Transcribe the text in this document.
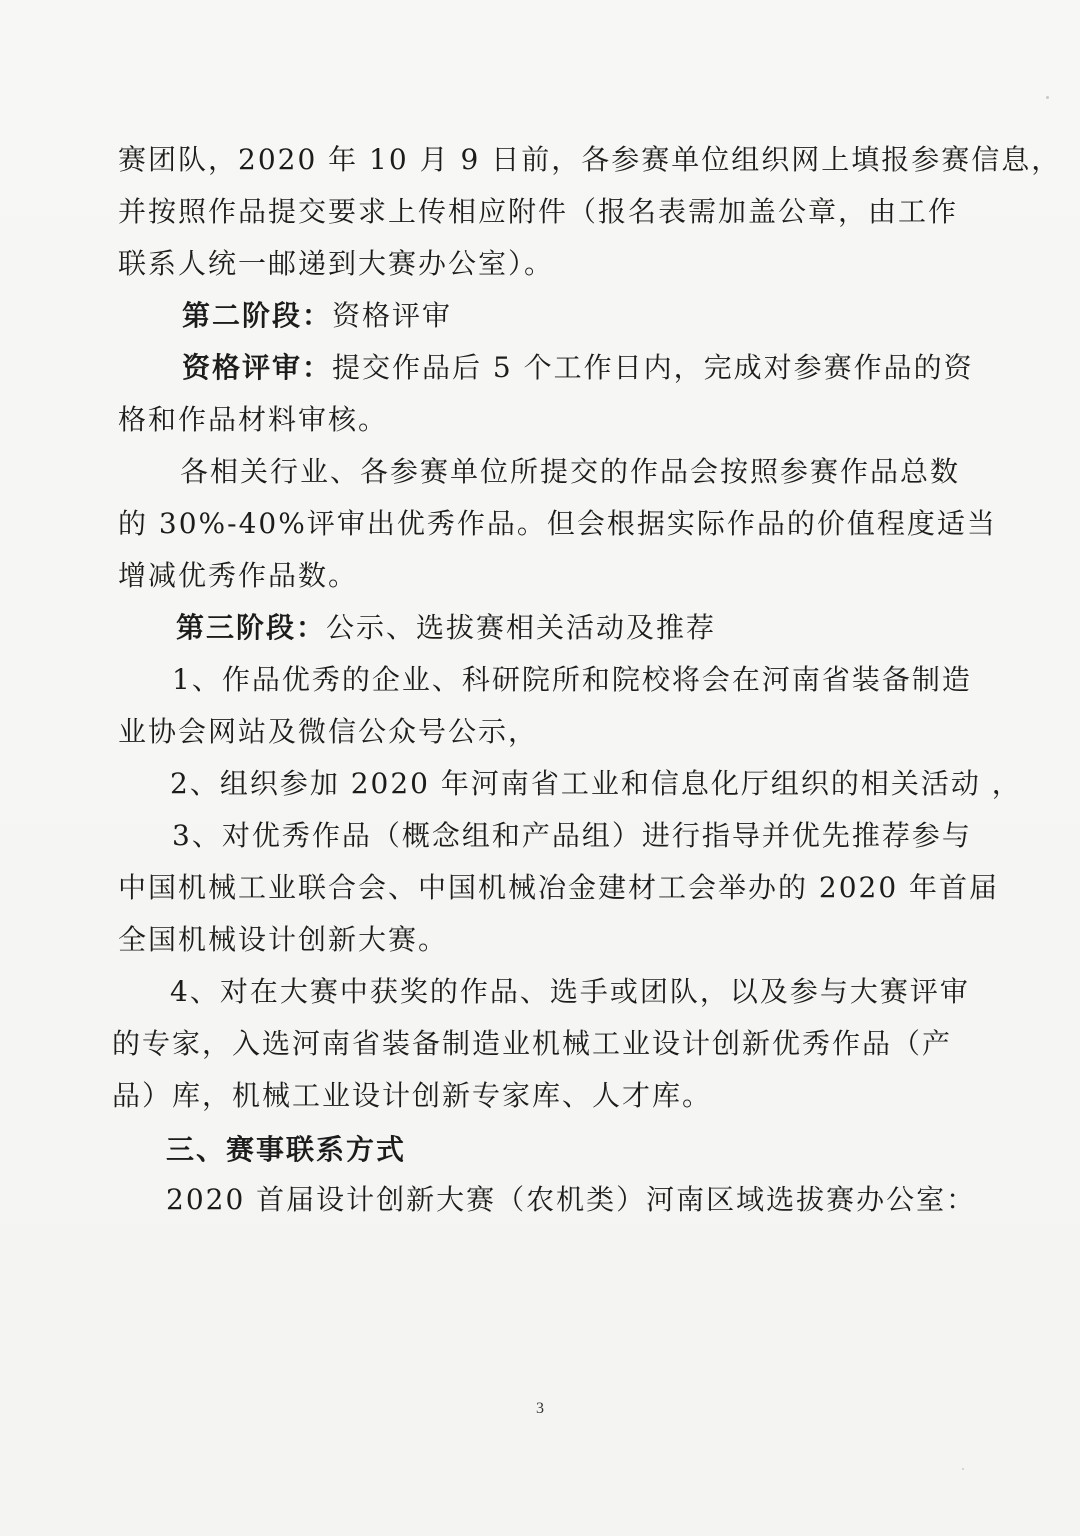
赛团队，2020 年 10 月 9 日前，各参赛单位组织网上填报参赛信息，
并按照作品提交要求上传相应附件（报名表需加盖公章，由工作
联系人统一邮递到大赛办公室）。
第二阶段：资格评审
资格评审：提交作品后 5 个工作日内，完成对参赛作品的资
格和作品材料审核。
各相关行业、各参赛单位所提交的作品会按照参赛作品总数
的 30%-40%评审出优秀作品。但会根据实际作品的价值程度适当
增减优秀作品数。
第三阶段：公示、选拔赛相关活动及推荐
1、作品优秀的企业、科研院所和院校将会在河南省装备制造
业协会网站及微信公众号公示，
2、组织参加 2020 年河南省工业和信息化厅组织的相关活动 ，
3、对优秀作品（概念组和产品组）进行指导并优先推荐参与
中国机械工业联合会、中国机械冶金建材工会举办的 2020 年首届
全国机械设计创新大赛。
4、对在大赛中获奖的作品、选手或团队，以及参与大赛评审
的专家，入选河南省装备制造业机械工业设计创新优秀作品（产
品）库，机械工业设计创新专家库、人才库。
三、赛事联系方式
2020 首届设计创新大赛（农机类）河南区域选拔赛办公室：
3
